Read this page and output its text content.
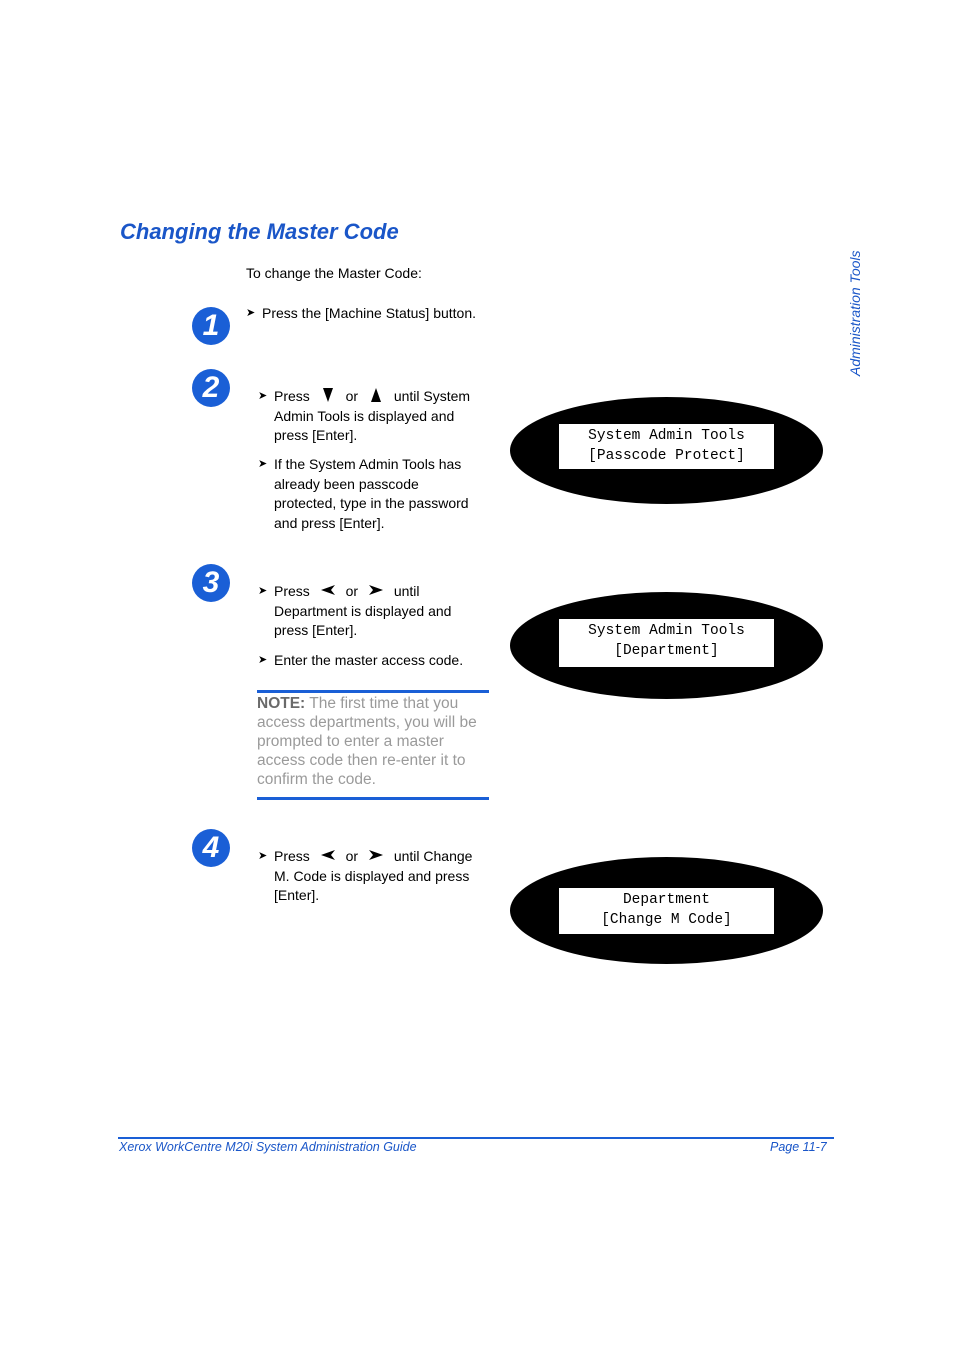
Changing the Master Code
Administration Tools
To change the Master Code:
1 ➤ Press the [Machine Status] button.
2	➤ Press	or	until System
Admin Tools is displayed and press [Enter].
➤ If the System Admin Tools has already been passcode protected, type in the password and press [Enter].
System Admin Tools
[Passcode Protect]
3	➤ Press	or	until
Department is displayed and press [Enter].
➤ Enter the master access code.
System Admin Tools
[Department]
NOTE: The first time that you access departments, you will be prompted to enter a master access code then re-enter it to confirm the code.
4	➤ Press	or	until Change
M. Code is displayed and press [Enter].	Department
[Change M Code]
Xerox WorkCentre M20i System Administration Guide	Page 11-7
